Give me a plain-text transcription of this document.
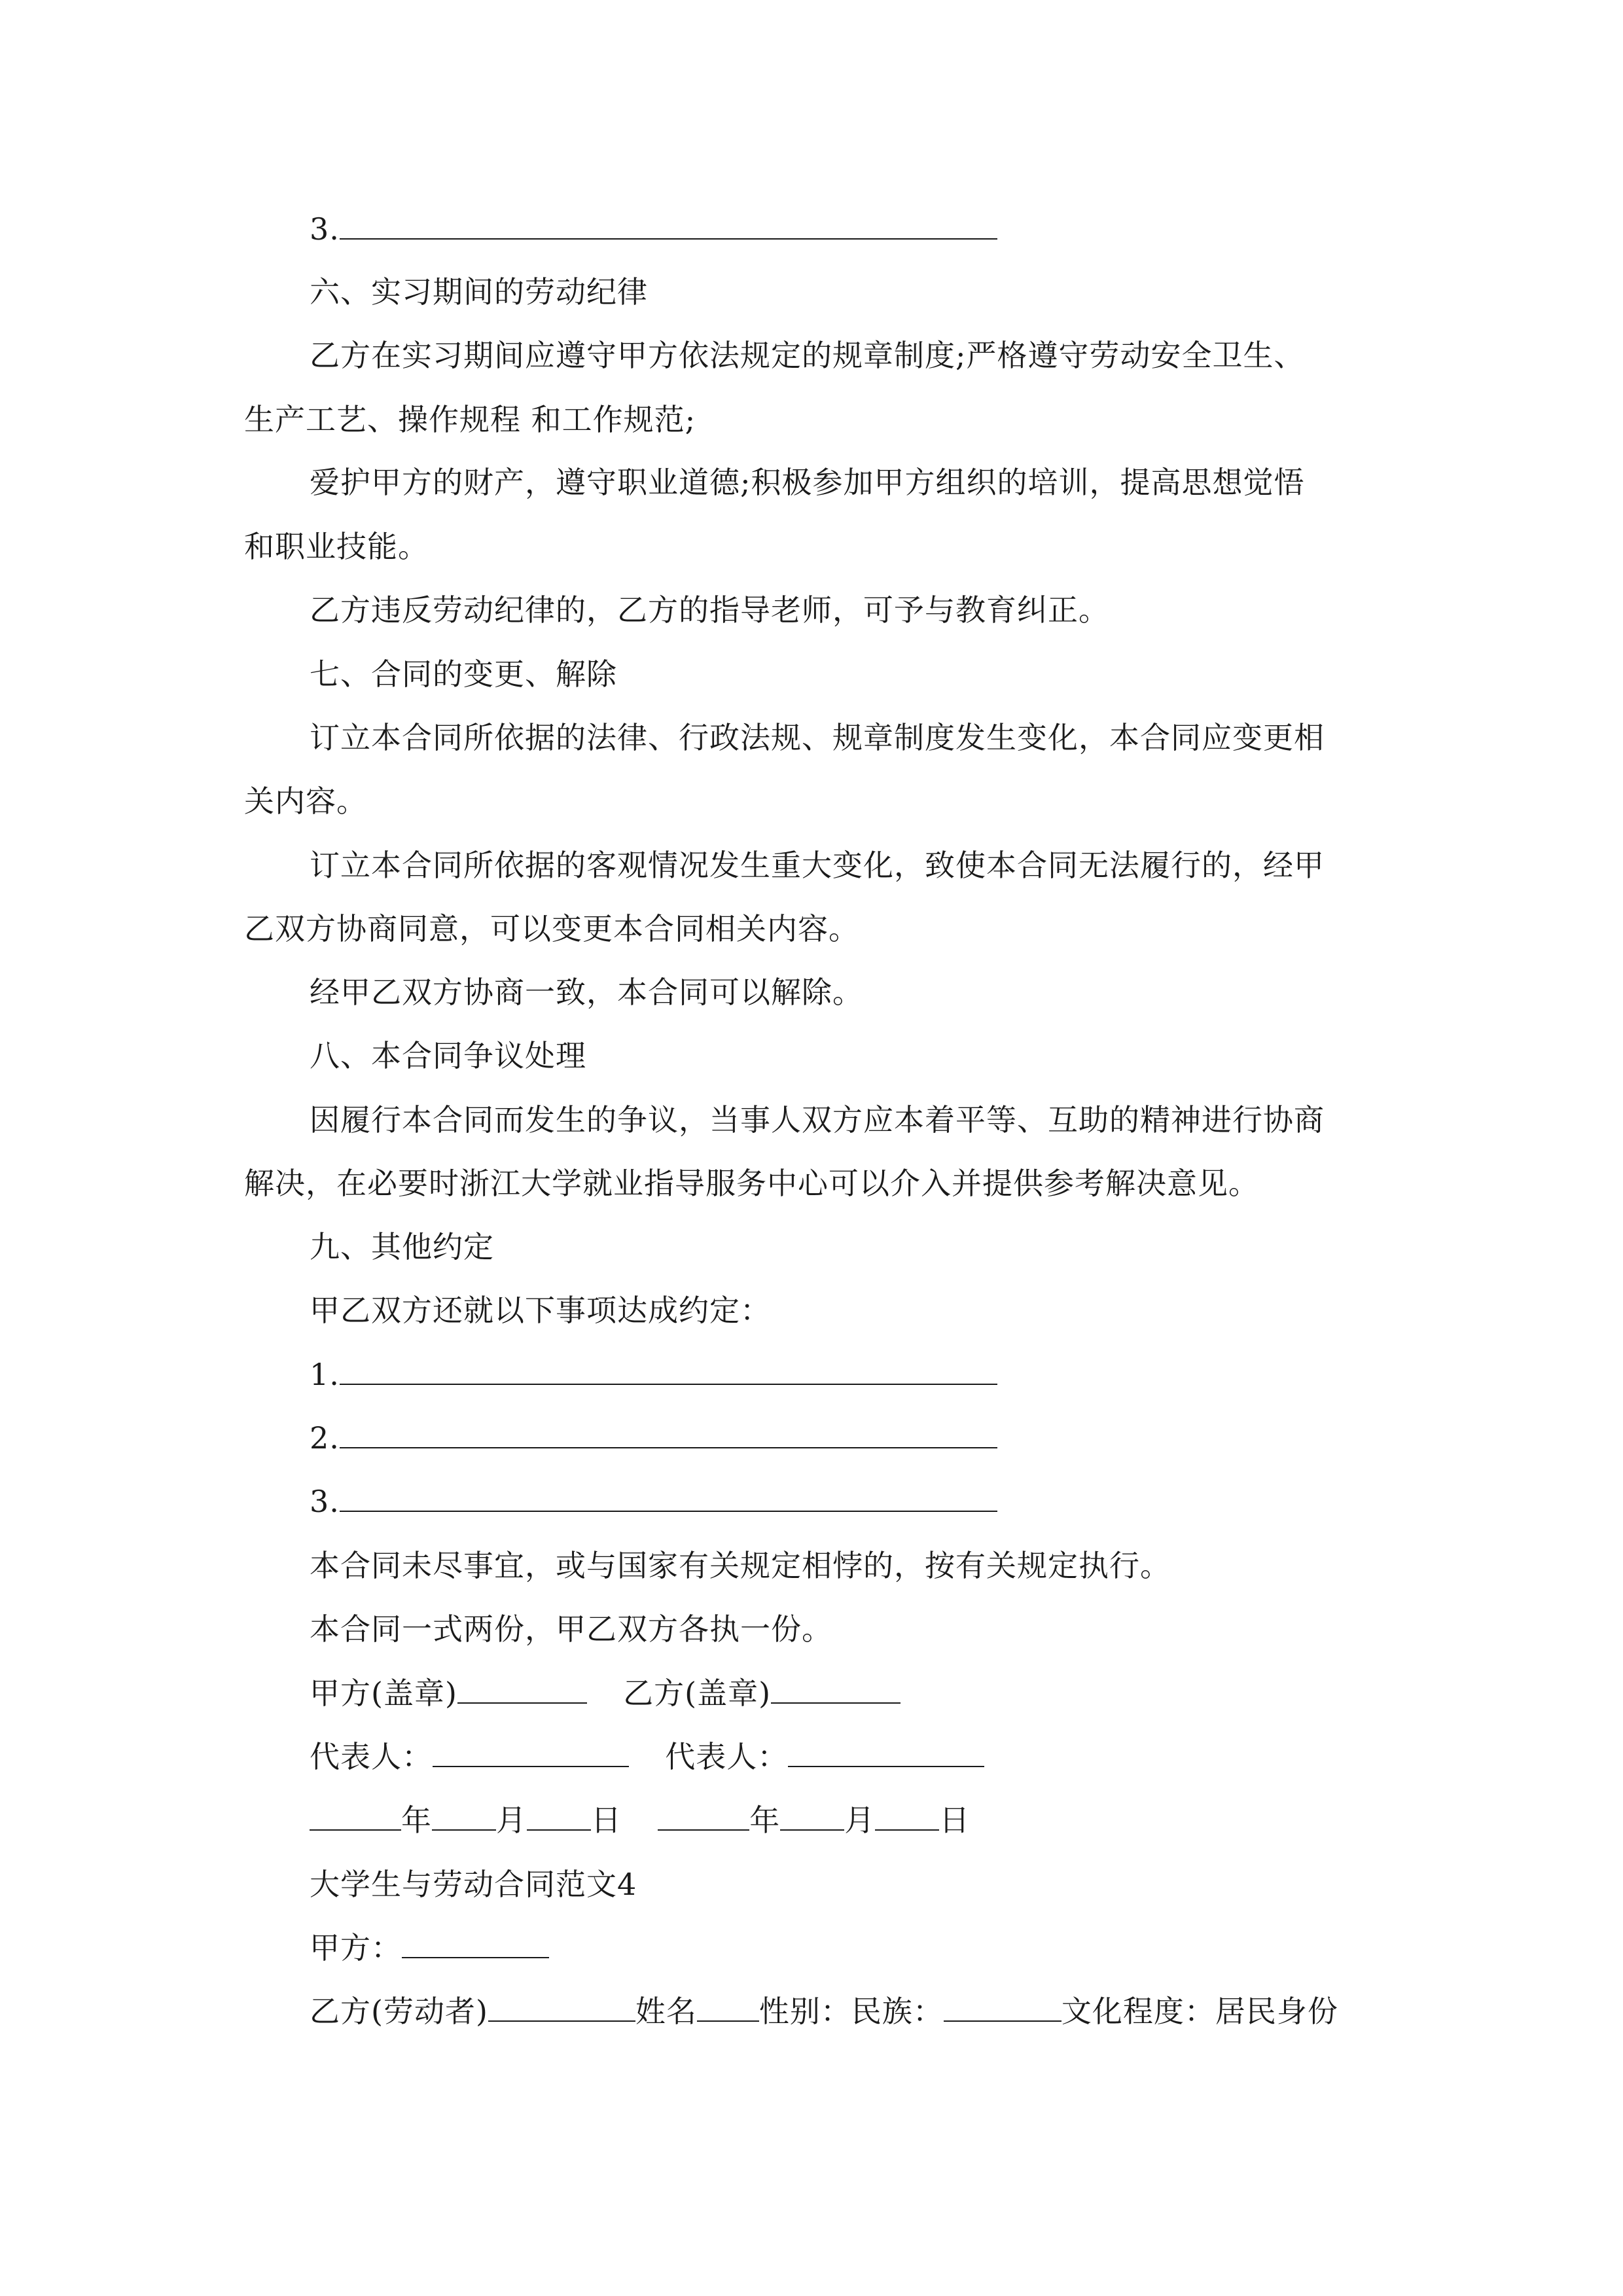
3.
六、实习期间的劳动纪律
乙方在实习期间应遵守甲方依法规定的规章制度;严格遵守劳动安全卫生、
生产工艺、操作规程 和工作规范;
爱护甲方的财产，遵守职业道德;积极参加甲方组织的培训，提高思想觉悟
和职业技能。
乙方违反劳动纪律的，乙方的指导老师，可予与教育纠正。
七、合同的变更、解除
订立本合同所依据的法律、行政法规、规章制度发生变化，本合同应变更相
关内容。
订立本合同所依据的客观情况发生重大变化，致使本合同无法履行的，经甲
乙双方协商同意，可以变更本合同相关内容。
经甲乙双方协商一致，本合同可以解除。
八、本合同争议处理
因履行本合同而发生的争议，当事人双方应本着平等、互助的精神进行协商
解决，在必要时浙江大学就业指导服务中心可以介入并提供参考解决意见。
九、其他约定
甲乙双方还就以下事项达成约定：
1.
2.
3.
本合同未尽事宜，或与国家有关规定相悖的，按有关规定执行。
本合同一式两份，甲乙双方各执一份。
甲方(盖章)	乙方(盖章)
代表人：	代表人：
年 月 日	年 月 日
大学生与劳动合同范文4
甲方：
乙方(劳动者)	姓名 性别：民族：	文化程度：居民身份
